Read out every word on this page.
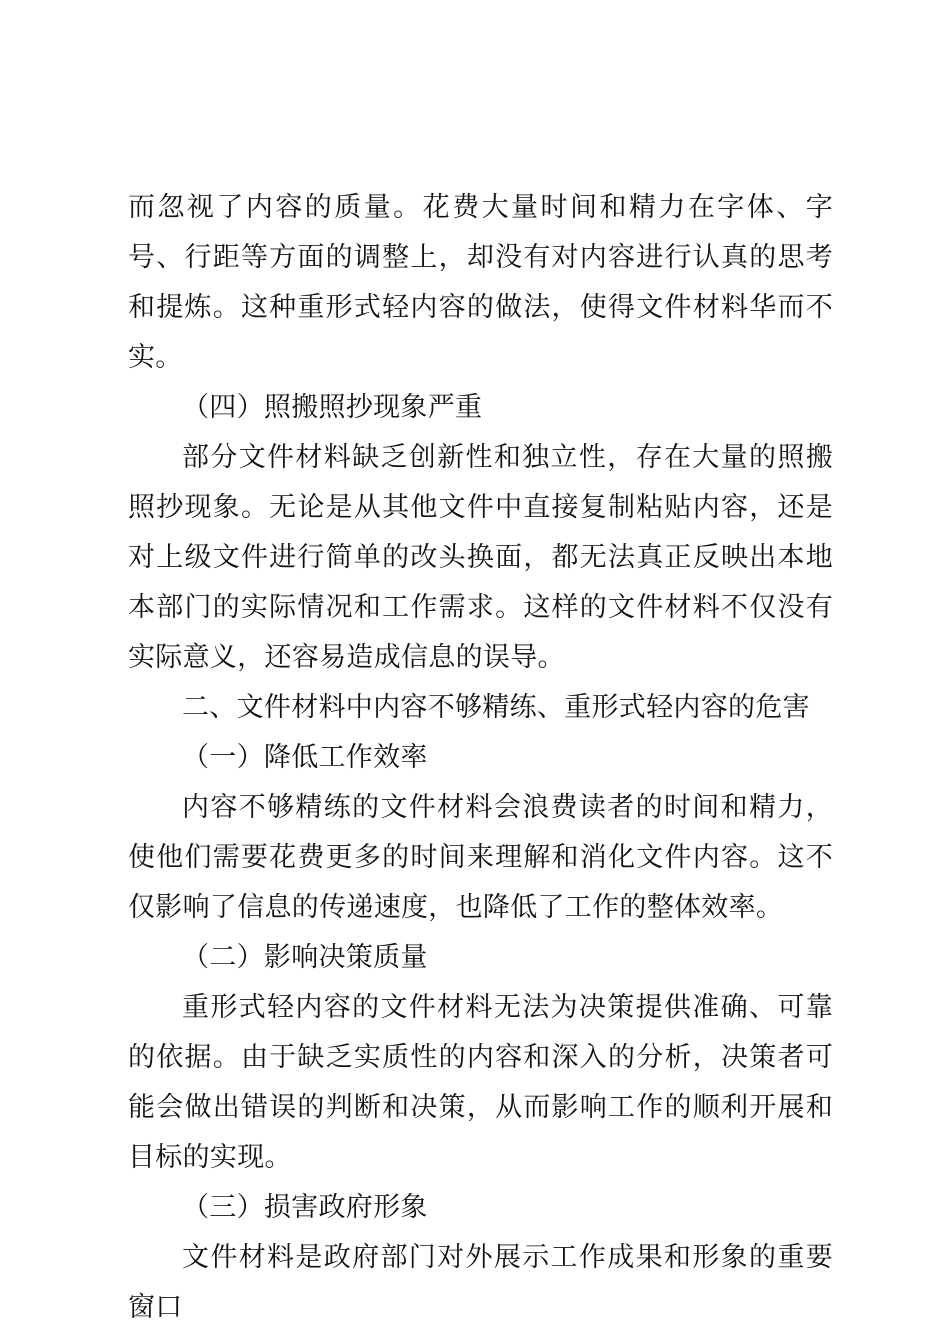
而忽视了内容的质量。花费大量时间和精力在字体、字号、行距等方面的调整上，却没有对内容进行认真的思考和提炼。这种重形式轻内容的做法，使得文件材料华而不实。

（四）照搬照抄现象严重

部分文件材料缺乏创新性和独立性，存在大量的照搬照抄现象。无论是从其他文件中直接复制粘贴内容，还是对上级文件进行简单的改头换面，都无法真正反映出本地本部门的实际情况和工作需求。这样的文件材料不仅没有实际意义，还容易造成信息的误导。

二、文件材料中内容不够精练、重形式轻内容的危害

（一）降低工作效率

内容不够精练的文件材料会浪费读者的时间和精力，使他们需要花费更多的时间来理解和消化文件内容。这不仅影响了信息的传递速度，也降低了工作的整体效率。

（二）影响决策质量

重形式轻内容的文件材料无法为决策提供准确、可靠的依据。由于缺乏实质性的内容和深入的分析，决策者可能会做出错误的判断和决策，从而影响工作的顺利开展和目标的实现。

（三）损害政府形象

文件材料是政府部门对外展示工作成果和形象的重要窗口
